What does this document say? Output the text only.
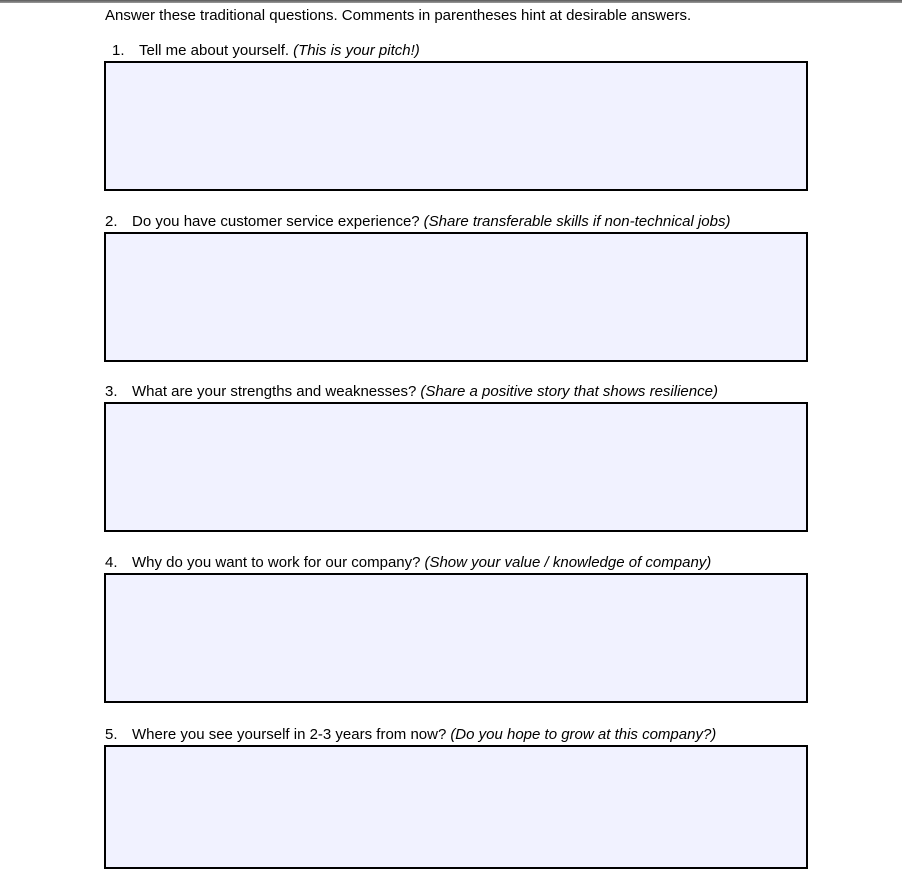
Answer these traditional questions. Comments in parentheses hint at desirable answers.
1. Tell me about yourself. (This is your pitch!)
2. Do you have customer service experience? (Share transferable skills if non-technical jobs)
3. What are your strengths and weaknesses? (Share a positive story that shows resilience)
4. Why do you want to work for our company? (Show your value / knowledge of company)
5. Where you see yourself in 2-3 years from now? (Do you hope to grow at this company?)
